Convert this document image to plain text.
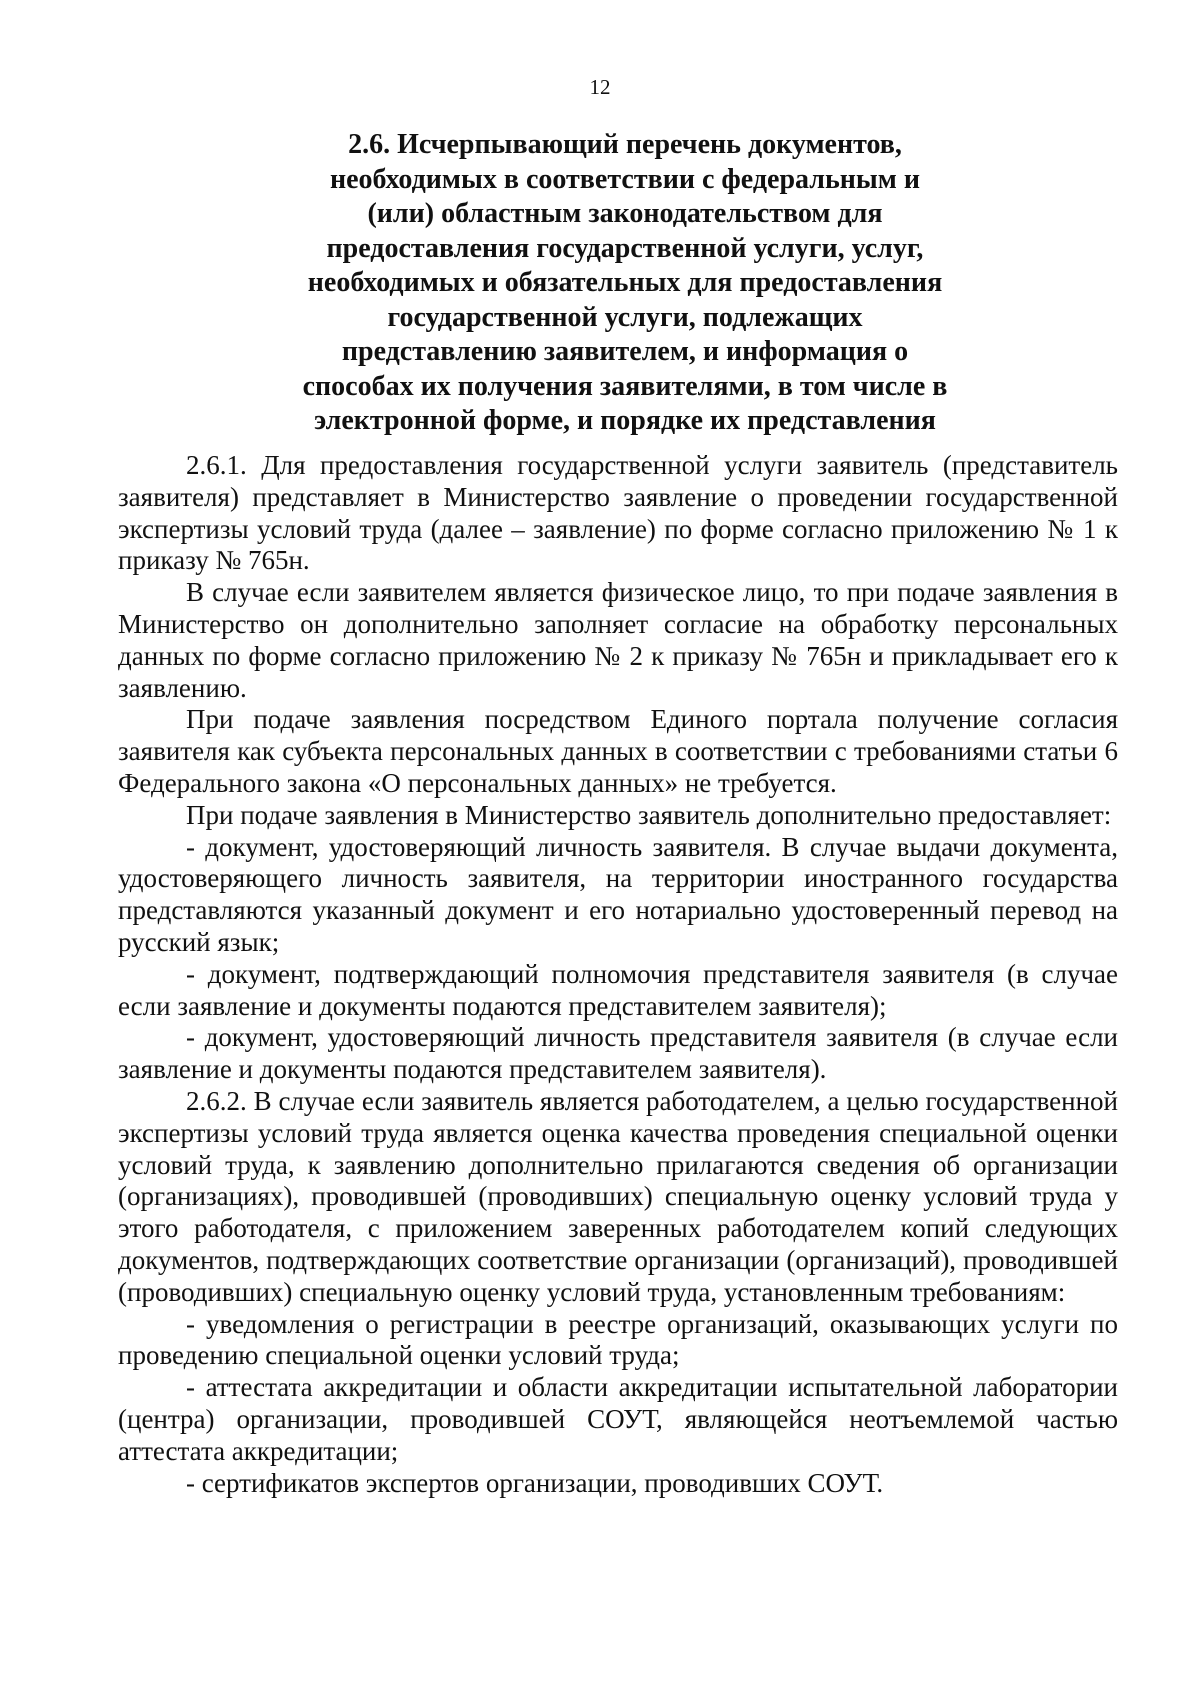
12
2.6. Исчерпывающий перечень документов,
необходимых в соответствии с федеральным и
(или) областным законодательством для
предоставления государственной услуги, услуг,
необходимых и обязательных для предоставления
государственной услуги, подлежащих
представлению заявителем, и информация о
способах их получения заявителями, в том числе в
электронной форме, и порядке их представления

2.6.1. Для предоставления государственной услуги заявитель (представитель заявителя) представляет в Министерство заявление о проведении государственной экспертизы условий труда (далее – заявление) по форме согласно приложению № 1 к приказу № 765н.

В случае если заявителем является физическое лицо, то при подаче заявления в Министерство он дополнительно заполняет согласие на обработку персональных данных по форме согласно приложению № 2 к приказу № 765н и прикладывает его к заявлению.

При подаче заявления посредством Единого портала получение согласия заявителя как субъекта персональных данных в соответствии с требованиями статьи 6 Федерального закона «О персональных данных» не требуется.

При подаче заявления в Министерство заявитель дополнительно предоставляет:

- документ, удостоверяющий личность заявителя. В случае выдачи документа, удостоверяющего личность заявителя, на территории иностранного государства представляются указанный документ и его нотариально удостоверенный перевод на русский язык;

- документ, подтверждающий полномочия представителя заявителя (в случае если заявление и документы подаются представителем заявителя);

- документ, удостоверяющий личность представителя заявителя (в случае если заявление и документы подаются представителем заявителя).

2.6.2. В случае если заявитель является работодателем, а целью государственной экспертизы условий труда является оценка качества проведения специальной оценки условий труда, к заявлению дополнительно прилагаются сведения об организации (организациях), проводившей (проводивших) специальную оценку условий труда у этого работодателя, с приложением заверенных работодателем копий следующих документов, подтверждающих соответствие организации (организаций), проводившей (проводивших) специальную оценку условий труда, установленным требованиям:

- уведомления о регистрации в реестре организаций, оказывающих услуги по проведению специальной оценки условий труда;

- аттестата аккредитации и области аккредитации испытательной лаборатории (центра) организации, проводившей СОУТ, являющейся неотъемлемой частью аттестата аккредитации;

- сертификатов экспертов организации, проводивших СОУТ.
